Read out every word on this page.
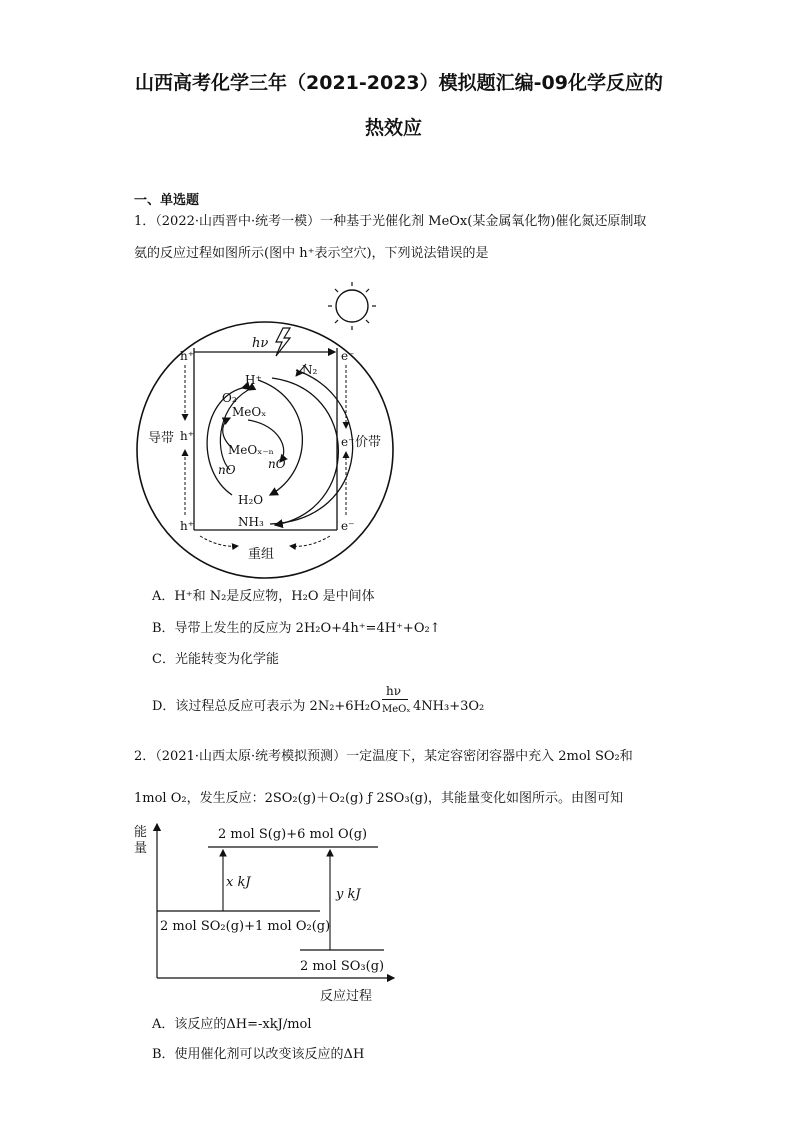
山西高考化学三年（2021-2023）模拟题汇编-09化学反应的
热效应
一、单选题
1．（2022·山西晋中·统考一模）一种基于光催化剂 MeOx(某金属氧化物)催化氮还原制取
氨的反应过程如图所示(图中 h⁺表示空穴)，下列说法错误的是
hν
h⁺
h⁺
h⁺
e⁻
e⁻
e⁻
导带	价带
重组
N₂
H⁺
O₂
MeOₓ
MeOₓ₋ₙ
nO	nO
H₂O
NH₃
A．H⁺和 N₂是反应物，H₂O 是中间体
B．导带上发生的反应为 2H₂O+4h⁺=4H⁺+O₂↑
C．光能转变为化学能
D．该过程总反应可表示为 2N₂+6H₂O
hν
MeOₓ 4NH₃+3O₂
2．（2021·山西太原·统考模拟预测）一定温度下，某定容密闭容器中充入 2mol SO₂和
1mol O₂，发生反应：2SO₂(g)＋O₂(g) ƒ 2SO₃(g)，其能量变化如图所示。由图可知
能
量
反应过程
2 mol S(g)+6 mol O(g)
2 mol SO₂(g)+1 mol O₂(g)
2 mol SO₃(g)
x kJ
y kJ
A．该反应的ΔH=-xkJ/mol
B．使用催化剂可以改变该反应的ΔH
